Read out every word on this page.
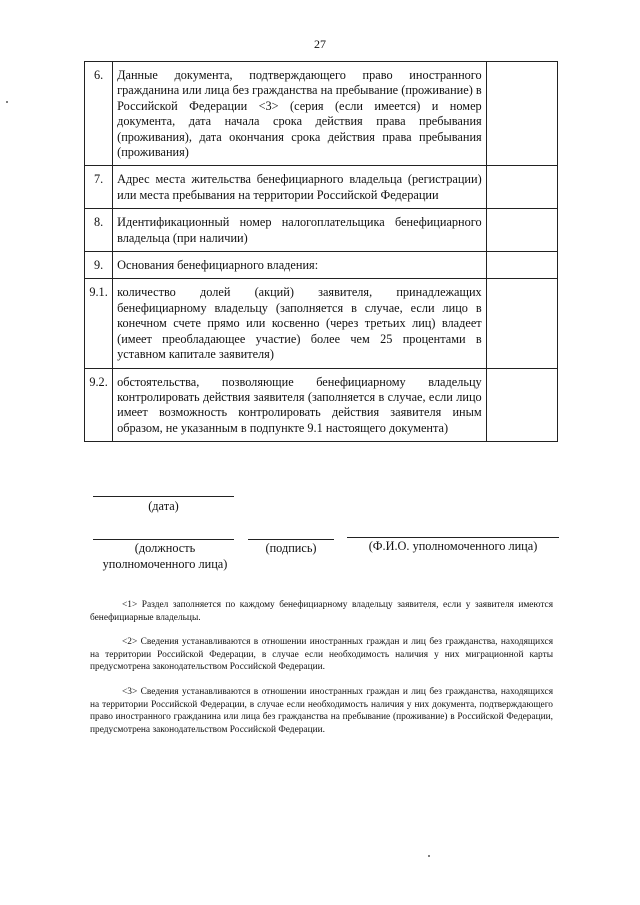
27
6.	Данные документа, подтверждающего право иностранного гражданина или лица без гражданства на пребывание (проживание) в Российской Федерации <3> (серия (если имеется) и номер документа, дата начала срока действия права пребывания (проживания), дата окончания срока действия права пребывания (проживания)	
7.	Адрес места жительства бенефициарного владельца (регистрации) или места пребывания на территории Российской Федерации	
8.	Идентификационный номер налогоплательщика бенефициарного владельца (при наличии)	
9.	Основания бенефициарного владения:	
9.1.	количество долей (акций) заявителя, принадлежащих бенефициарному владельцу (заполняется в случае, если лицо в конечном счете прямо или косвенно (через третьих лиц) владеет (имеет преобладающее участие) более чем 25 процентами в уставном капитале заявителя)	
9.2.	обстоятельства, позволяющие бенефициарному владельцу контролировать действия заявителя (заполняется в случае, если лицо имеет возможность контролировать действия заявителя иным образом, не указанным в подпункте 9.1 настоящего документа)	
(дата)
(должность уполномоченного лица)
(подпись)	(Ф.И.О. уполномоченного лица)

<1> Раздел заполняется по каждому бенефициарному владельцу заявителя, если у заявителя имеются бенефициарные владельцы.

<2> Сведения устанавливаются в отношении иностранных граждан и лиц без гражданства, находящихся на территории Российской Федерации, в случае если необходимость наличия у них миграционной карты предусмотрена законодательством Российской Федерации.

<3> Сведения устанавливаются в отношении иностранных граждан и лиц без гражданства, находящихся на территории Российской Федерации, в случае если необходимость наличия у них документа, подтверждающего право иностранного гражданина или лица без гражданства на пребывание (проживание) в Российской Федерации, предусмотрена законодательством Российской Федерации.
